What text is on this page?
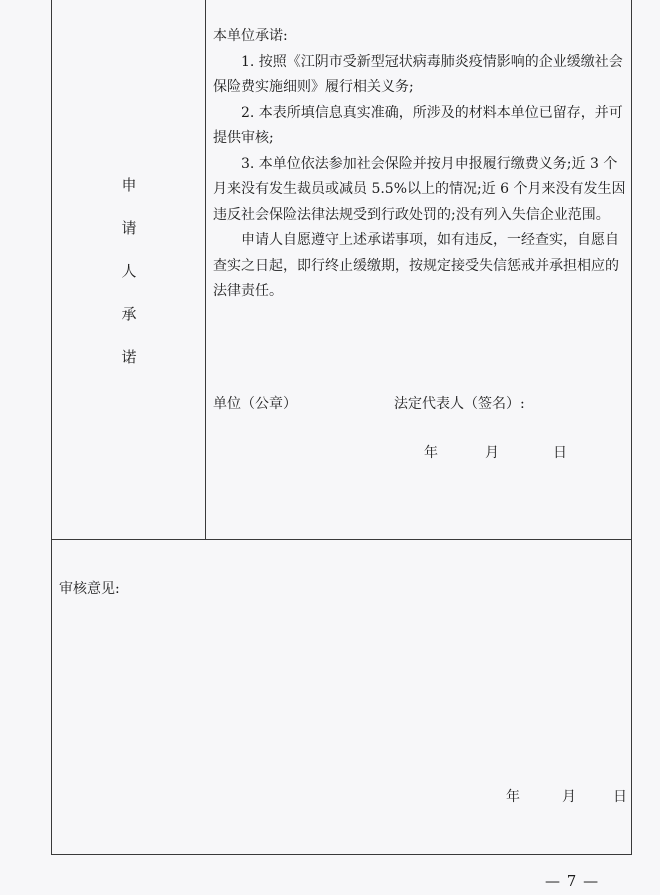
申
请
人
承
诺

本单位承诺:

1. 按照《江阴市受新型冠状病毒肺炎疫情影响的企业缓缴社会保险费实施细则》履行相关义务;

2. 本表所填信息真实准确，所涉及的材料本单位已留存，并可提供审核;

3. 本单位依法参加社会保险并按月申报履行缴费义务;近 3 个月来没有发生裁员或减员 5.5%以上的情况;近 6 个月来没有发生因违反社会保险法律法规受到行政处罚的;没有列入失信企业范围。

申请人自愿遵守上述承诺事项，如有违反，一经查实，自愿自查实之日起，即行终止缓缴期，按规定接受失信惩戒并承担相应的法律责任。

单位（公章）	法定代表人（签名）:
年	月	日
审核意见:
年	月	日
— 7 —
